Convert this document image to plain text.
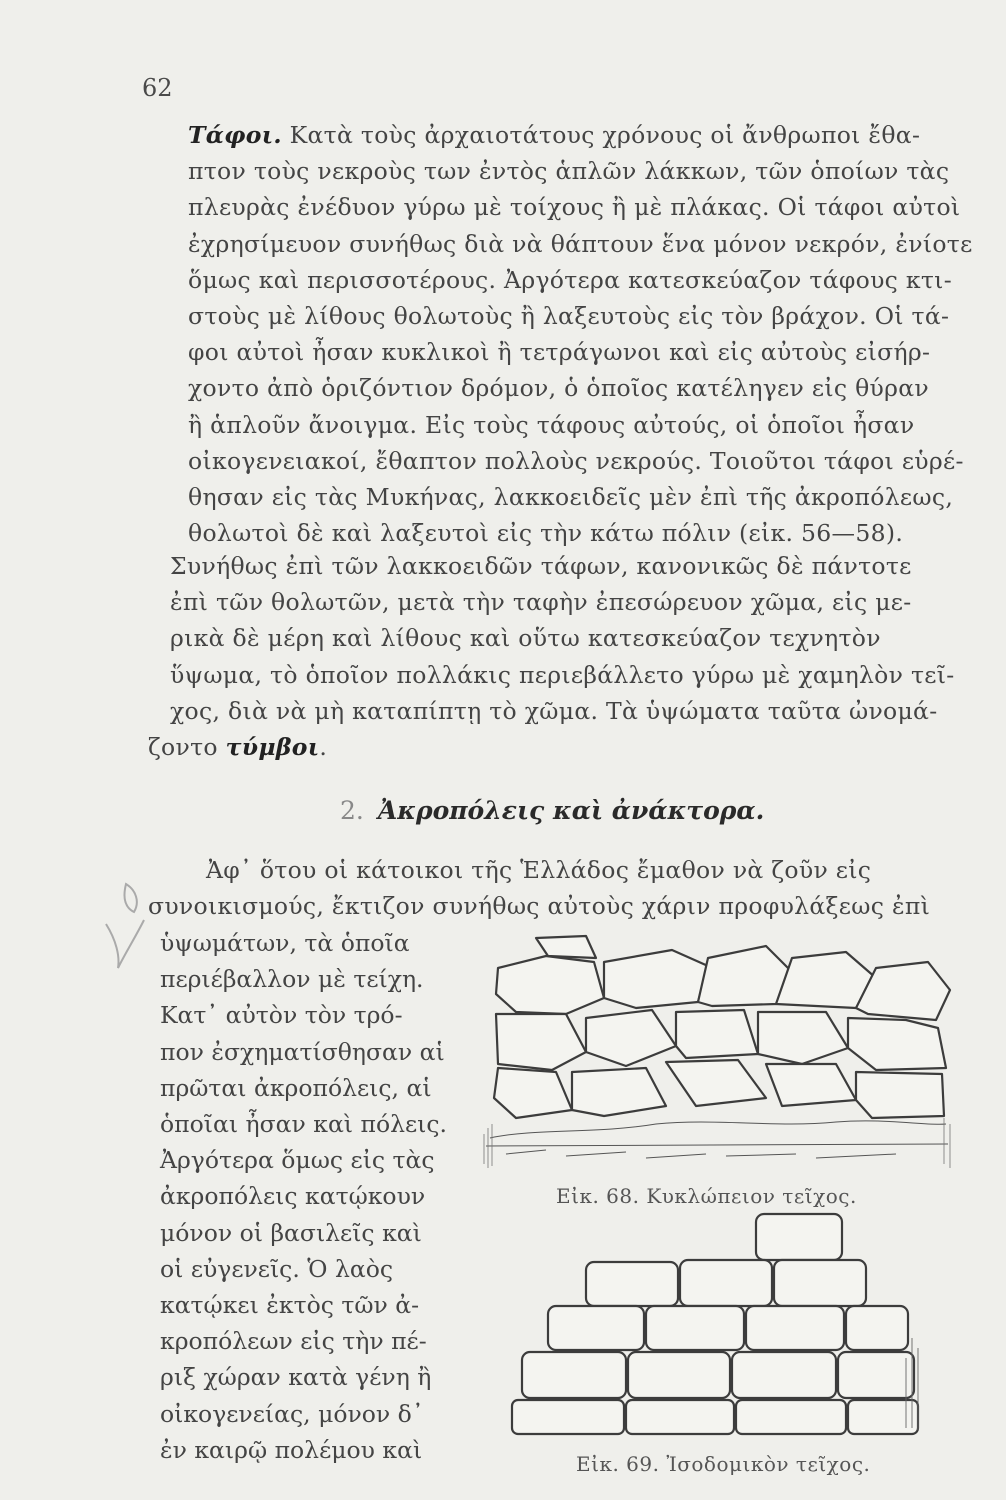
62
Τάφοι. Κατὰ τοὺς ἀρχαιοτάτους χρόνους οἱ ἄνθρωποι ἔθα-
πτον τοὺς νεκροὺς των ἐντὸς ἁπλῶν λάκκων, τῶν ὁποίων τὰς
πλευρὰς ἐνέδυον γύρω μὲ τοίχους ἢ μὲ πλάκας. Οἱ τάφοι αὐτοὶ
ἐχρησίμευον συνήθως διὰ νὰ θάπτουν ἕνα μόνον νεκρόν, ἐνίοτε
ὅμως καὶ περισσοτέρους. Ἀργότερα κατεσκεύαζον τάφους κτι-
στοὺς μὲ λίθους θολωτοὺς ἢ λαξευτοὺς εἰς τὸν βράχον. Οἱ τά-
φοι αὐτοὶ ἦσαν κυκλικοὶ ἢ τετράγωνοι καὶ εἰς αὐτοὺς εἰσήρ-
χοντο ἀπὸ ὁριζόντιον δρόμον, ὁ ὁποῖος κατέληγεν εἰς θύραν
ἢ ἁπλοῦν ἄνοιγμα. Εἰς τοὺς τάφους αὐτούς, οἱ ὁποῖοι ἦσαν
οἰκογενειακοί, ἔθαπτον πολλοὺς νεκρούς. Τοιοῦτοι τάφοι εὑρέ-
θησαν εἰς τὰς Μυκήνας, λακκοειδεῖς μὲν ἐπὶ τῆς ἀκροπόλεως,
θολωτοὶ δὲ καὶ λαξευτοὶ εἰς τὴν κάτω πόλιν (εἰκ. 56—58).
Συνήθως ἐπὶ τῶν λακκοειδῶν τάφων, κανονικῶς δὲ πάντοτε
ἐπὶ τῶν θολωτῶν, μετὰ τὴν ταφὴν ἐπεσώρευον χῶμα, εἰς με-
ρικὰ δὲ μέρη καὶ λίθους καὶ οὕτω κατεσκεύαζον τεχνητὸν
ὕψωμα, τὸ ὁποῖον πολλάκις περιεβάλλετο γύρω μὲ χαμηλὸν τεῖ-
χος, διὰ νὰ μὴ καταπίπτῃ τὸ χῶμα. Τὰ ὑψώματα ταῦτα ὠνομά-
ζοντο τύμβοι.
2. Ἀκροπόλεις καὶ ἀνάκτορα.
Ἀφ᾽ ὅτου οἱ κάτοικοι τῆς Ἑλλάδος ἔμαθον νὰ ζοῦν εἰς
συνοικισμούς, ἔκτιζον συνήθως αὐτοὺς χάριν προφυλάξεως ἐπὶ
ὑψωμάτων, τὰ ὁποῖα
περιέβαλλον μὲ τείχη.
Κατ᾽ αὐτὸν τὸν τρό-
πον ἐσχηματίσθησαν αἱ
πρῶται ἀκροπόλεις, αἱ
ὁποῖαι ἦσαν καὶ πόλεις.
Ἀργότερα ὅμως εἰς τὰς
ἀκροπόλεις κατῴκουν
μόνον οἱ βασιλεῖς καὶ
οἱ εὐγενεῖς. Ὁ λαὸς
κατῴκει ἐκτὸς τῶν ἀ-
κροπόλεων εἰς τὴν πέ-
ριξ χώραν κατὰ γένη ἢ
οἰκογενείας, μόνον δ᾽
ἐν καιρῷ πολέμου καὶ
Εἰκ. 68. Κυκλώπειον τεῖχος.
Εἰκ. 69. Ἰσοδομικὸν τεῖχος.
